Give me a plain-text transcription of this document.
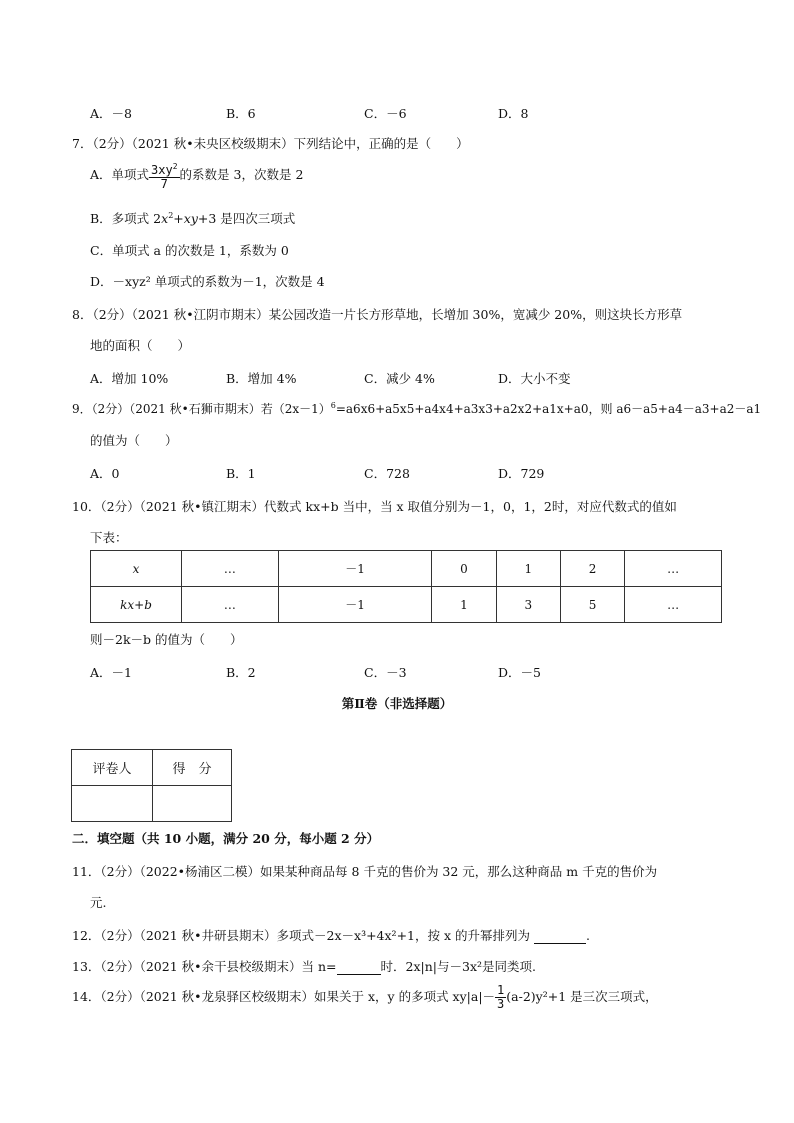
A．－8	B．6	C．－6	D．8
7．（2分）（2021 秋•未央区校级期末）下列结论中，正确的是（　　）
A．单项式 $\frac{3xy^2}{7}$ 的系数是 3，次数是 2
B．多项式 $2x^2+xy+3$ 是四次三项式
C．单项式 a 的次数是 1，系数为 0
D．－xyz² 单项式的系数为－1，次数是 4
8．（2分）（2021 秋•江阴市期末）某公园改造一片长方形草地，长增加 30%，宽减少 20%，则这块长方形草
地的面积（　　）
A．增加 10%	B．增加 4%	C．减少 4%	D．大小不变
9．（2分）（2021 秋•石狮市期末）若$(2x-1)^6=a6x6+a5x5+a4x4+a3x3+a2x2+a1x+a0$，则 a6－a5+a4－a3+a2－a1
的值为（　　）
A．0	B．1	C．728	D．729
10．（2分）（2021 秋•镇江期末）代数式 kx+b 当中，当 x 取值分别为－1，0，1，2时，对应代数式的值如
下表：
x	…	－1	0	1	2	…
kx+b	…	－1	1	3	5	…
则－2k－b 的值为（　　）
A．－1	B．2	C．－3	D．－5
第Ⅱ卷（非选择题）
评卷人	得　分

二．填空题（共 10 小题，满分 20 分，每小题 2 分）
11．（2分）（2022•杨浦区二模）如果某种商品每 8 千克的售价为 32 元，那么这种商品 m 千克的售价为
元.
12．（2分）（2021 秋•井研县期末）多项式－2x－x³+4x²+1，按 x 的升幂排列为	.
13．（2分）（2021 秋•余干县校级期末）当 n=	时．2x|n|与－3x²是同类项.
14．（2分）（2021 秋•龙泉驿区校级期末）如果关于 x，y 的多项式 $xy|a|- \frac{1}{3} (a-2)y^2+1$ 是三次三项式，
